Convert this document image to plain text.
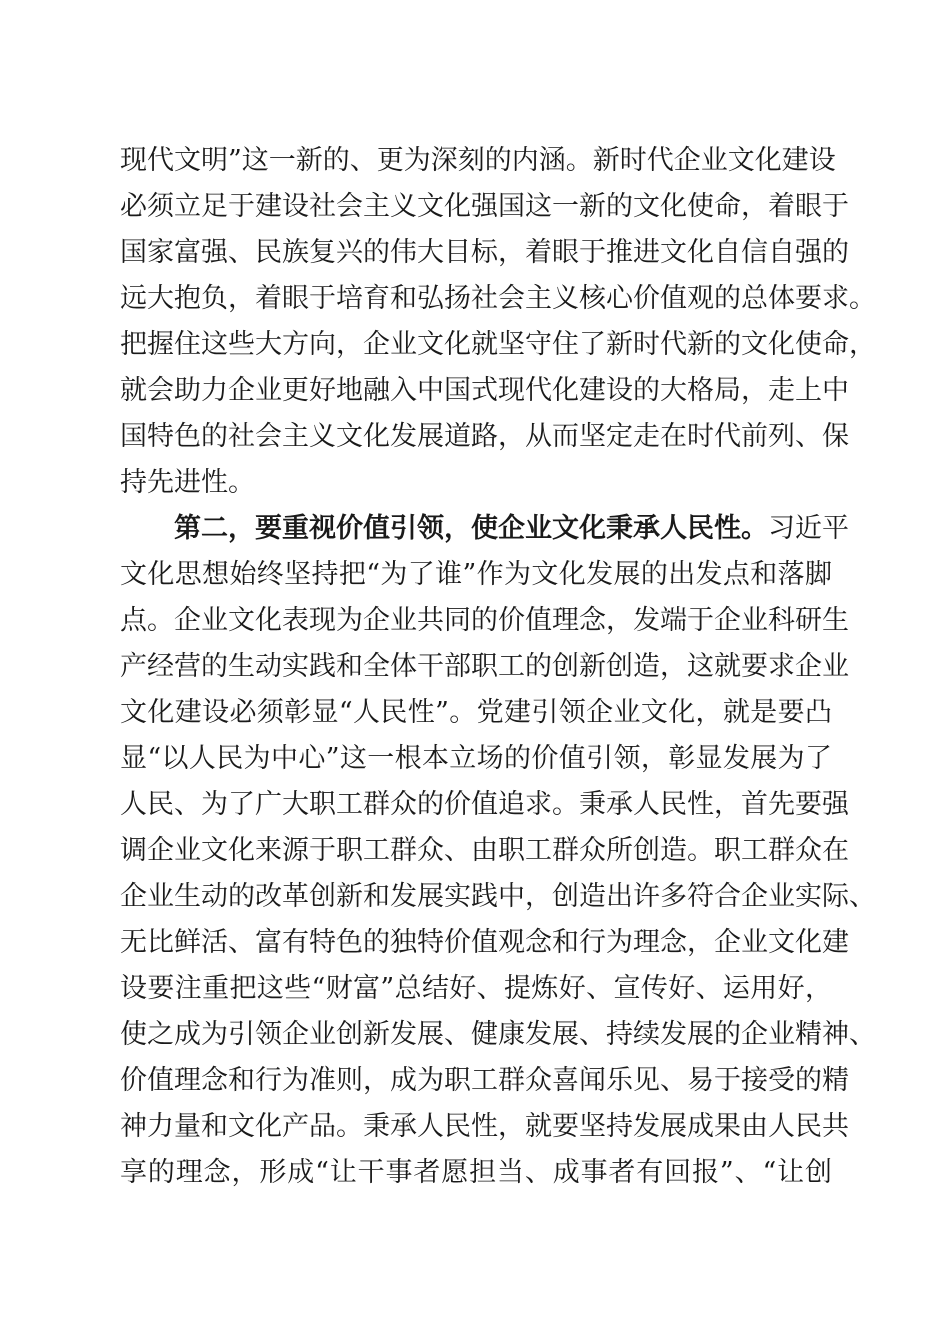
现代文明”这一新的、更为深刻的内涵。新时代企业文化建设
必须立足于建设社会主义文化强国这一新的文化使命，着眼于
国家富强、民族复兴的伟大目标，着眼于推进文化自信自强的
远大抱负，着眼于培育和弘扬社会主义核心价值观的总体要求。
把握住这些大方向，企业文化就坚守住了新时代新的文化使命，
就会助力企业更好地融入中国式现代化建设的大格局，走上中
国特色的社会主义文化发展道路，从而坚定走在时代前列、保
持先进性。
第二，要重视价值引领，使企业文化秉承人民性。习近平
文化思想始终坚持把“为了谁”作为文化发展的出发点和落脚
点。企业文化表现为企业共同的价值理念，发端于企业科研生
产经营的生动实践和全体干部职工的创新创造，这就要求企业
文化建设必须彰显“人民性”。党建引领企业文化，就是要凸
显“以人民为中心”这一根本立场的价值引领，彰显发展为了
人民、为了广大职工群众的价值追求。秉承人民性，首先要强
调企业文化来源于职工群众、由职工群众所创造。职工群众在
企业生动的改革创新和发展实践中，创造出许多符合企业实际、
无比鲜活、富有特色的独特价值观念和行为理念，企业文化建
设要注重把这些“财富”总结好、提炼好、宣传好、运用好，
使之成为引领企业创新发展、健康发展、持续发展的企业精神、
价值理念和行为准则，成为职工群众喜闻乐见、易于接受的精
神力量和文化产品。秉承人民性，就要坚持发展成果由人民共
享的理念，形成“让干事者愿担当、成事者有回报”、“让创
